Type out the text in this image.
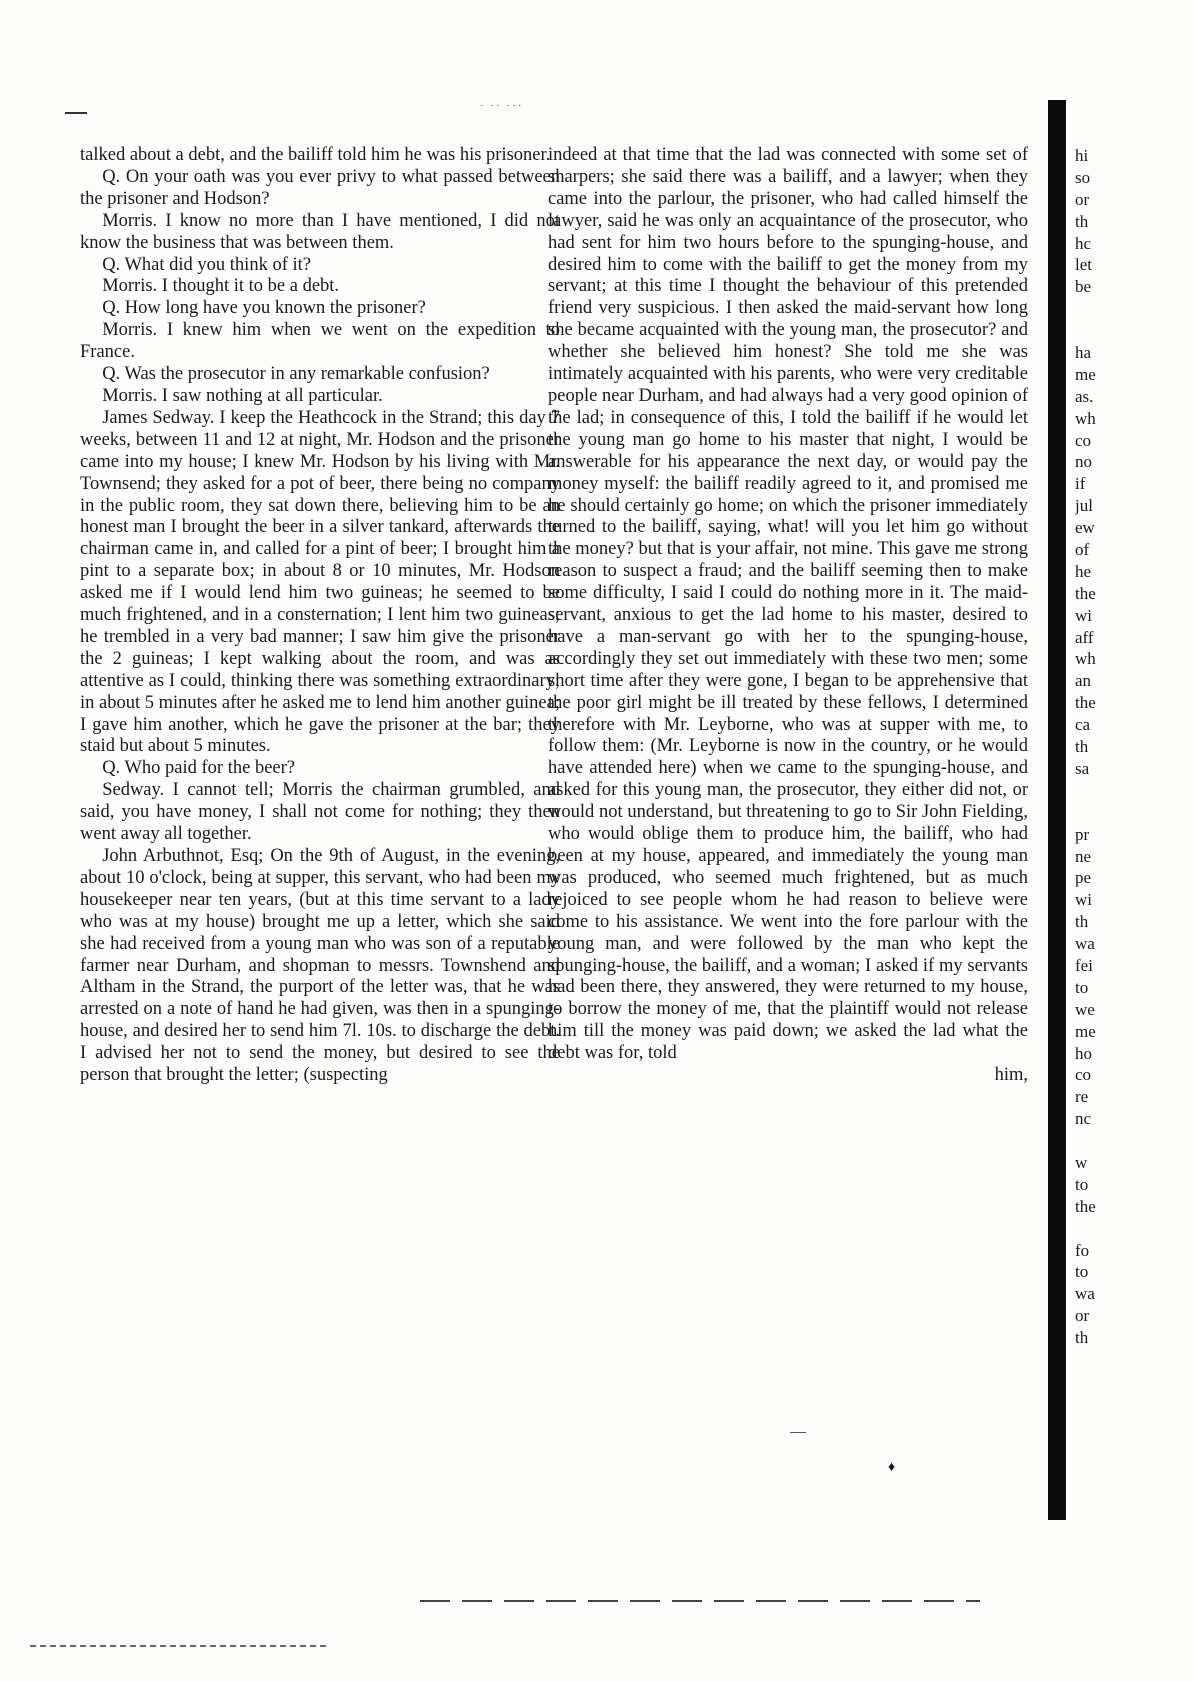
· ·· ···

talked about a debt, and the bailiff told him he was his prisoner.

Q. On your oath was you ever privy to what passed between the prisoner and Hodson?

Morris. I know no more than I have mentioned, I did not know the business that was between them.

Q. What did you think of it?

Morris. I thought it to be a debt.

Q. How long have you known the prisoner?

Morris. I knew him when we went on the expedition to France.

Q. Was the prosecutor in any remarkable confusion?

Morris. I saw nothing at all particular.

James Sedway. I keep the Heathcock in the Strand; this day 7 weeks, between 11 and 12 at night, Mr. Hodson and the prisoner came into my house; I knew Mr. Hodson by his living with Mr. Townsend; they asked for a pot of beer, there being no company in the public room, they sat down there, believing him to be an honest man I brought the beer in a silver tankard, afterwards the chairman came in, and called for a pint of beer; I brought him a pint to a separate box; in about 8 or 10 minutes, Mr. Hodson asked me if I would lend him two guineas; he seemed to be much frightened, and in a consternation; I lent him two guineas; he trembled in a very bad manner; I saw him give the prisoner the 2 guineas; I kept walking about the room, and was as attentive as I could, thinking there was something extraordinary; in about 5 minutes after he asked me to lend him another guinea; I gave him another, which he gave the prisoner at the bar; they staid but about 5 minutes.

Q. Who paid for the beer?

Sedway. I cannot tell; Morris the chairman grumbled, and said, you have money, I shall not come for nothing; they then went away all together.

John Arbuthnot, Esq; On the 9th of August, in the evening, about 10 o'clock, being at supper, this servant, who had been my housekeeper near ten years, (but at this time servant to a lady who was at my house) brought me up a letter, which she said she had received from a young man who was son of a reputable farmer near Durham, and shopman to messrs. Townshend and Altham in the Strand, the purport of the letter was, that he was arrested on a note of hand he had given, was then in a spunging-house, and desired her to send him 7l. 10s. to discharge the debt. I advised her not to send the money, but desired to see the person that brought the letter; (suspecting

indeed at that time that the lad was connected with some set of sharpers; she said there was a bailiff, and a lawyer; when they came into the parlour, the prisoner, who had called himself the lawyer, said he was only an acquaintance of the prosecutor, who had sent for him two hours before to the spunging-house, and desired him to come with the bailiff to get the money from my servant; at this time I thought the behaviour of this pretended friend very suspicious. I then asked the maid-servant how long she became acquainted with the young man, the prosecutor? and whether she believed him honest? She told me she was intimately acquainted with his parents, who were very creditable people near Durham, and had always had a very good opinion of the lad; in consequence of this, I told the bailiff if he would let the young man go home to his master that night, I would be answerable for his appearance the next day, or would pay the money myself: the bailiff readily agreed to it, and promised me he should certainly go home; on which the prisoner immediately turned to the bailiff, saying, what! will you let him go without the money? but that is your affair, not mine. This gave me strong reason to suspect a fraud; and the bailiff seeming then to make some difficulty, I said I could do nothing more in it. The maid-servant, anxious to get the lad home to his master, desired to have a man-servant go with her to the spunging-house, accordingly they set out immediately with these two men; some short time after they were gone, I began to be apprehensive that the poor girl might be ill treated by these fellows, I determined therefore with Mr. Leyborne, who was at supper with me, to follow them: (Mr. Leyborne is now in the country, or he would have attended here) when we came to the spunging-house, and asked for this young man, the prosecutor, they either did not, or would not understand, but threatening to go to Sir John Fielding, who would oblige them to produce him, the bailiff, who had been at my house, appeared, and immediately the young man was produced, who seemed much frightened, but as much rejoiced to see people whom he had reason to believe were come to his assistance. We went into the fore parlour with the young man, and were followed by the man who kept the spunging-house, the bailiff, and a woman; I asked if my servants had been there, they answered, they were returned to my house, to borrow the money of me, that the plaintiff would not release him till the money was paid down; we asked the lad what the debt was for, told

him,

hi
so
or
th
hc
let
be
ha
me
as.
wh
co
no
if
jul
ew
of
he
the
wi
aff
wh
an
the
ca
th
sa
pr
ne
pe
wi
th
wa
fei
to
we
me
ho
co
re
nc
w
to
the
fo
to
wa
or
th
♦
